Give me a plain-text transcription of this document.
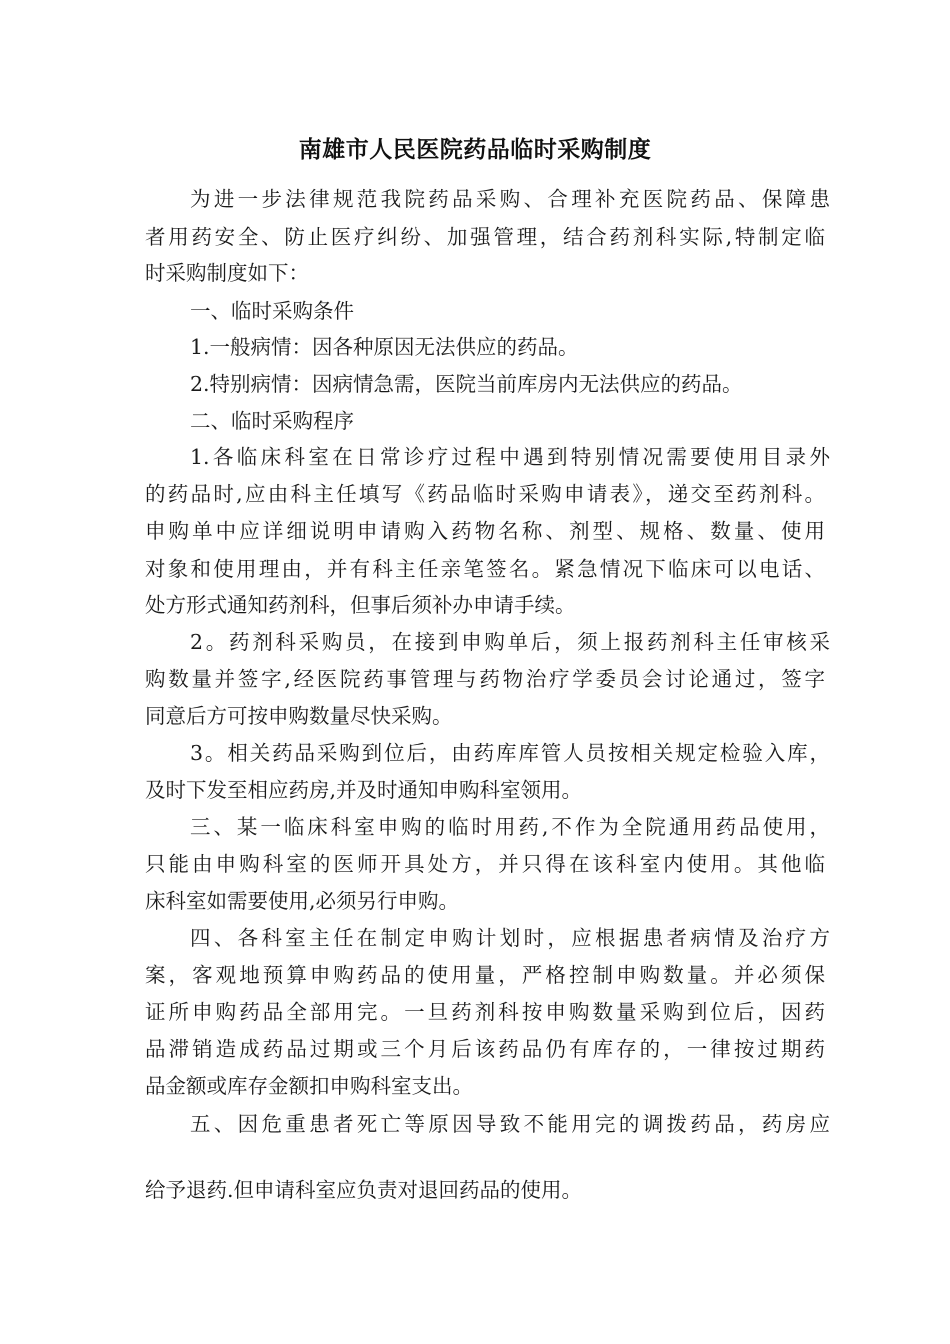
南雄市人民医院药品临时采购制度
为进一步法律规范我院药品采购、合理补充医院药品、保障患
者用药安全、防止医疗纠纷、加强管理，结合药剂科实际,特制定临
时采购制度如下：
一、临时采购条件
1.一般病情：因各种原因无法供应的药品。
2.特别病情：因病情急需，医院当前库房内无法供应的药品。
二、临时采购程序
1.各临床科室在日常诊疗过程中遇到特别情况需要使用目录外
的药品时,应由科主任填写《药品临时采购申请表》，递交至药剂科。
申购单中应详细说明申请购入药物名称、剂型、规格、数量、使用
对象和使用理由，并有科主任亲笔签名。紧急情况下临床可以电话、
处方形式通知药剂科，但事后须补办申请手续。
2。药剂科采购员，在接到申购单后，须上报药剂科主任审核采
购数量并签字,经医院药事管理与药物治疗学委员会讨论通过，签字
同意后方可按申购数量尽快采购。
3。相关药品采购到位后，由药库库管人员按相关规定检验入库，
及时下发至相应药房,并及时通知申购科室领用。
三、某一临床科室申购的临时用药,不作为全院通用药品使用，
只能由申购科室的医师开具处方，并只得在该科室内使用。其他临
床科室如需要使用,必须另行申购。
四、各科室主任在制定申购计划时，应根据患者病情及治疗方
案，客观地预算申购药品的使用量，严格控制申购数量。并必须保
证所申购药品全部用完。一旦药剂科按申购数量采购到位后，因药
品滞销造成药品过期或三个月后该药品仍有库存的，一律按过期药
品金额或库存金额扣申购科室支出。
五、因危重患者死亡等原因导致不能用完的调拨药品，药房应
给予退药.但申请科室应负责对退回药品的使用。
